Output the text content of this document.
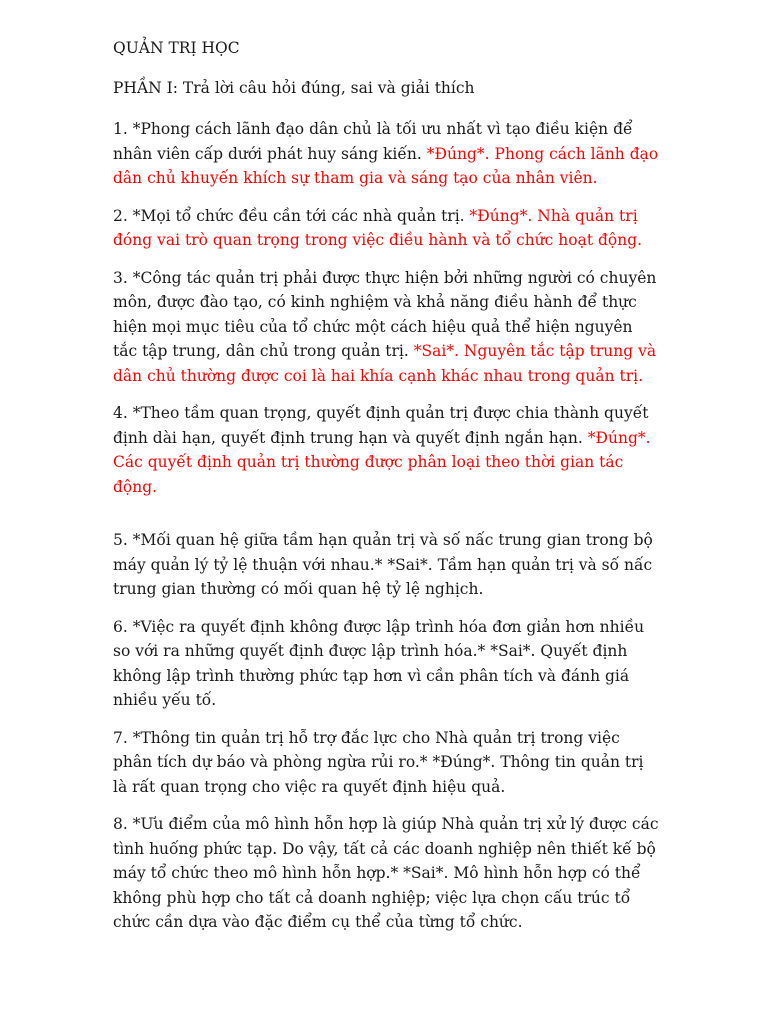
QUẢN TRỊ HỌC
PHẦN I: Trả lời câu hỏi đúng, sai và giải thích
1. *Phong cách lãnh đạo dân chủ là tối ưu nhất vì tạo điều kiện để nhân viên cấp dưới phát huy sáng kiến. *Đúng*. Phong cách lãnh đạo dân chủ khuyến khích sự tham gia và sáng tạo của nhân viên.
2. *Mọi tổ chức đều cần tới các nhà quản trị. *Đúng*. Nhà quản trị đóng vai trò quan trọng trong việc điều hành và tổ chức hoạt động.
3. *Công tác quản trị phải được thực hiện bởi những người có chuyên môn, được đào tạo, có kinh nghiệm và khả năng điều hành để thực hiện mọi mục tiêu của tổ chức một cách hiệu quả thể hiện nguyên tắc tập trung, dân chủ trong quản trị. *Sai*. Nguyên tắc tập trung và dân chủ thường được coi là hai khía cạnh khác nhau trong quản trị.
4. *Theo tầm quan trọng, quyết định quản trị được chia thành quyết định dài hạn, quyết định trung hạn và quyết định ngắn hạn. *Đúng*. Các quyết định quản trị thường được phân loại theo thời gian tác động.
5. *Mối quan hệ giữa tầm hạn quản trị và số nấc trung gian trong bộ máy quản lý tỷ lệ thuận với nhau.* *Sai*. Tầm hạn quản trị và số nấc trung gian thường có mối quan hệ tỷ lệ nghịch.
6. *Việc ra quyết định không được lập trình hóa đơn giản hơn nhiều so với ra những quyết định được lập trình hóa.* *Sai*. Quyết định không lập trình thường phức tạp hơn vì cần phân tích và đánh giá nhiều yếu tố.
7. *Thông tin quản trị hỗ trợ đắc lực cho Nhà quản trị trong việc phân tích dự báo và phòng ngừa rủi ro.* *Đúng*. Thông tin quản trị là rất quan trọng cho việc ra quyết định hiệu quả.
8. *Ưu điểm của mô hình hỗn hợp là giúp Nhà quản trị xử lý được các tình huống phức tạp. Do vậy, tất cả các doanh nghiệp nên thiết kế bộ máy tổ chức theo mô hình hỗn hợp.* *Sai*. Mô hình hỗn hợp có thể không phù hợp cho tất cả doanh nghiệp; việc lựa chọn cấu trúc tổ chức cần dựa vào đặc điểm cụ thể của từng tổ chức.
